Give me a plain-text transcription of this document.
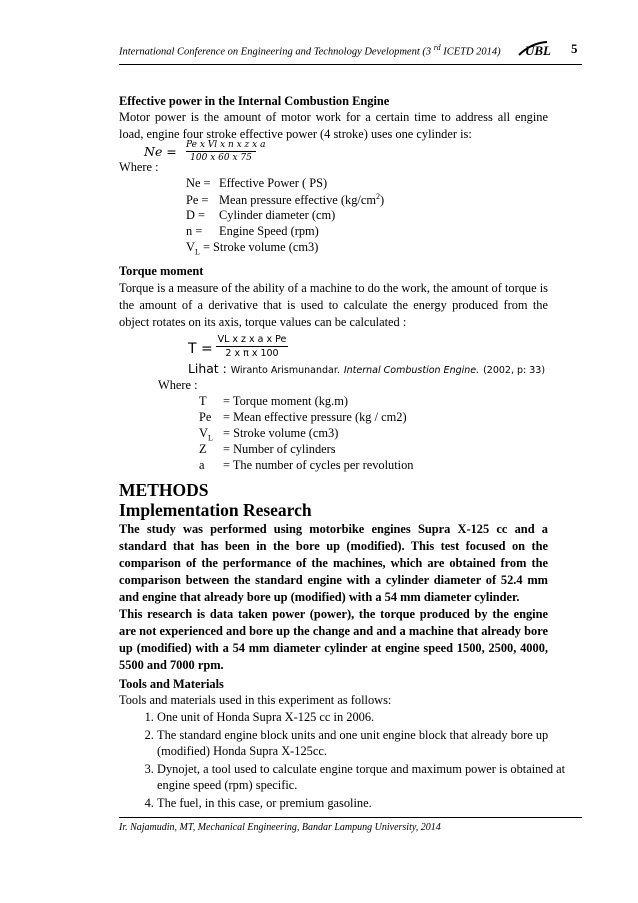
International Conference on Engineering and Technology Development (3 $^{rd}$ ICETD 2014) UBL 5
Effective power in the Internal Combustion Engine
Motor power is the amount of motor work for a certain time to address all engine load, engine four stroke effective power (4 stroke) uses one cylinder is:
Ne = Pe x Vl x n x z x a
100 x 60 x 75
Where :
Ne = Effective Power ( PS)
Pe = Mean pressure effective $(kg/cm^2)$
D = Cylinder diameter (cm)
n = Engine Speed (rpm)
$V_L$ = Stroke volume (cm3)
Torque moment
Torque is a measure of the ability of a machine to do the work, the amount of torque is the amount of a derivative that is used to calculate the energy produced from the object rotates on its axis, torque values can be calculated :
T =
VL x z x a x Pe
2 x π x 100
Lihat : Wiranto Arismunandar. Internal Combustion Engine. (2002, p: 33)
Where :
T = Torque moment (kg.m)
Pe = Mean effective pressure (kg / cm2)
$V_L$ = Stroke volume (cm3)
Z = Number of cylinders
a = The number of cycles per revolution
METHODS
Implementation Research
The study was performed using motorbike engines Supra X-125 cc and a standard that has been in the bore up (modified). This test focused on the comparison of the performance of the machines, which are obtained from the comparison between the standard engine with a cylinder diameter of 52.4 mm and engine that already bore up (modified) with a 54 mm diameter cylinder.
This research is data taken power (power), the torque produced by the engine are not experienced and bore up the change and and a machine that already bore up (modified) with a 54 mm diameter cylinder at engine speed 1500, 2500, 4000, 5500 and 7000 rpm.
Tools and Materials
Tools and materials used in this experiment as follows:
1. One unit of Honda Supra X-125 cc in 2006.
2. The standard engine block units and one unit engine block that already bore up (modified) Honda Supra X-125cc.
3. Dynojet, a tool used to calculate engine torque and maximum power is obtained at engine speed (rpm) specific.
4. The fuel, in this case, or premium gasoline.
Ir. Najamudin, MT, Mechanical Engineering, Bandar Lampung University, 2014
